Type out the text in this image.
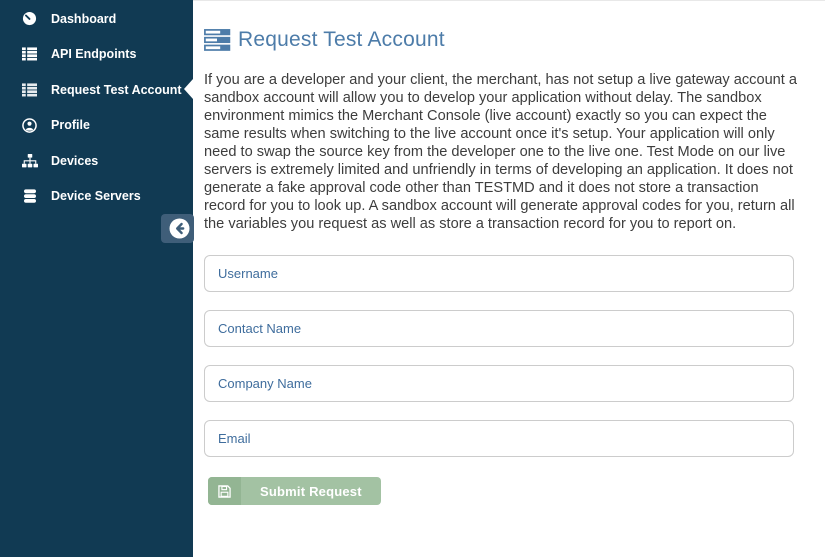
Dashboard
API Endpoints
Request Test Account
Profile
Devices
Device Servers
Request Test Account

If you are a developer and your client, the merchant, has not setup a live gateway account a sandbox account will allow you to develop your application without delay. The sandbox environment mimics the Merchant Console (live account) exactly so you can expect the same results when switching to the live account once it's setup. Your application will only need to swap the source key from the developer one to the live one. Test Mode on our live servers is extremely limited and unfriendly in terms of developing an application. It does not generate a fake approval code other than TESTMD and it does not store a transaction record for you to look up. A sandbox account will generate approval codes for you, return all the variables you request as well as store a transaction record for you to report on.

Username
Contact Name
Company Name
Email
Submit Request
